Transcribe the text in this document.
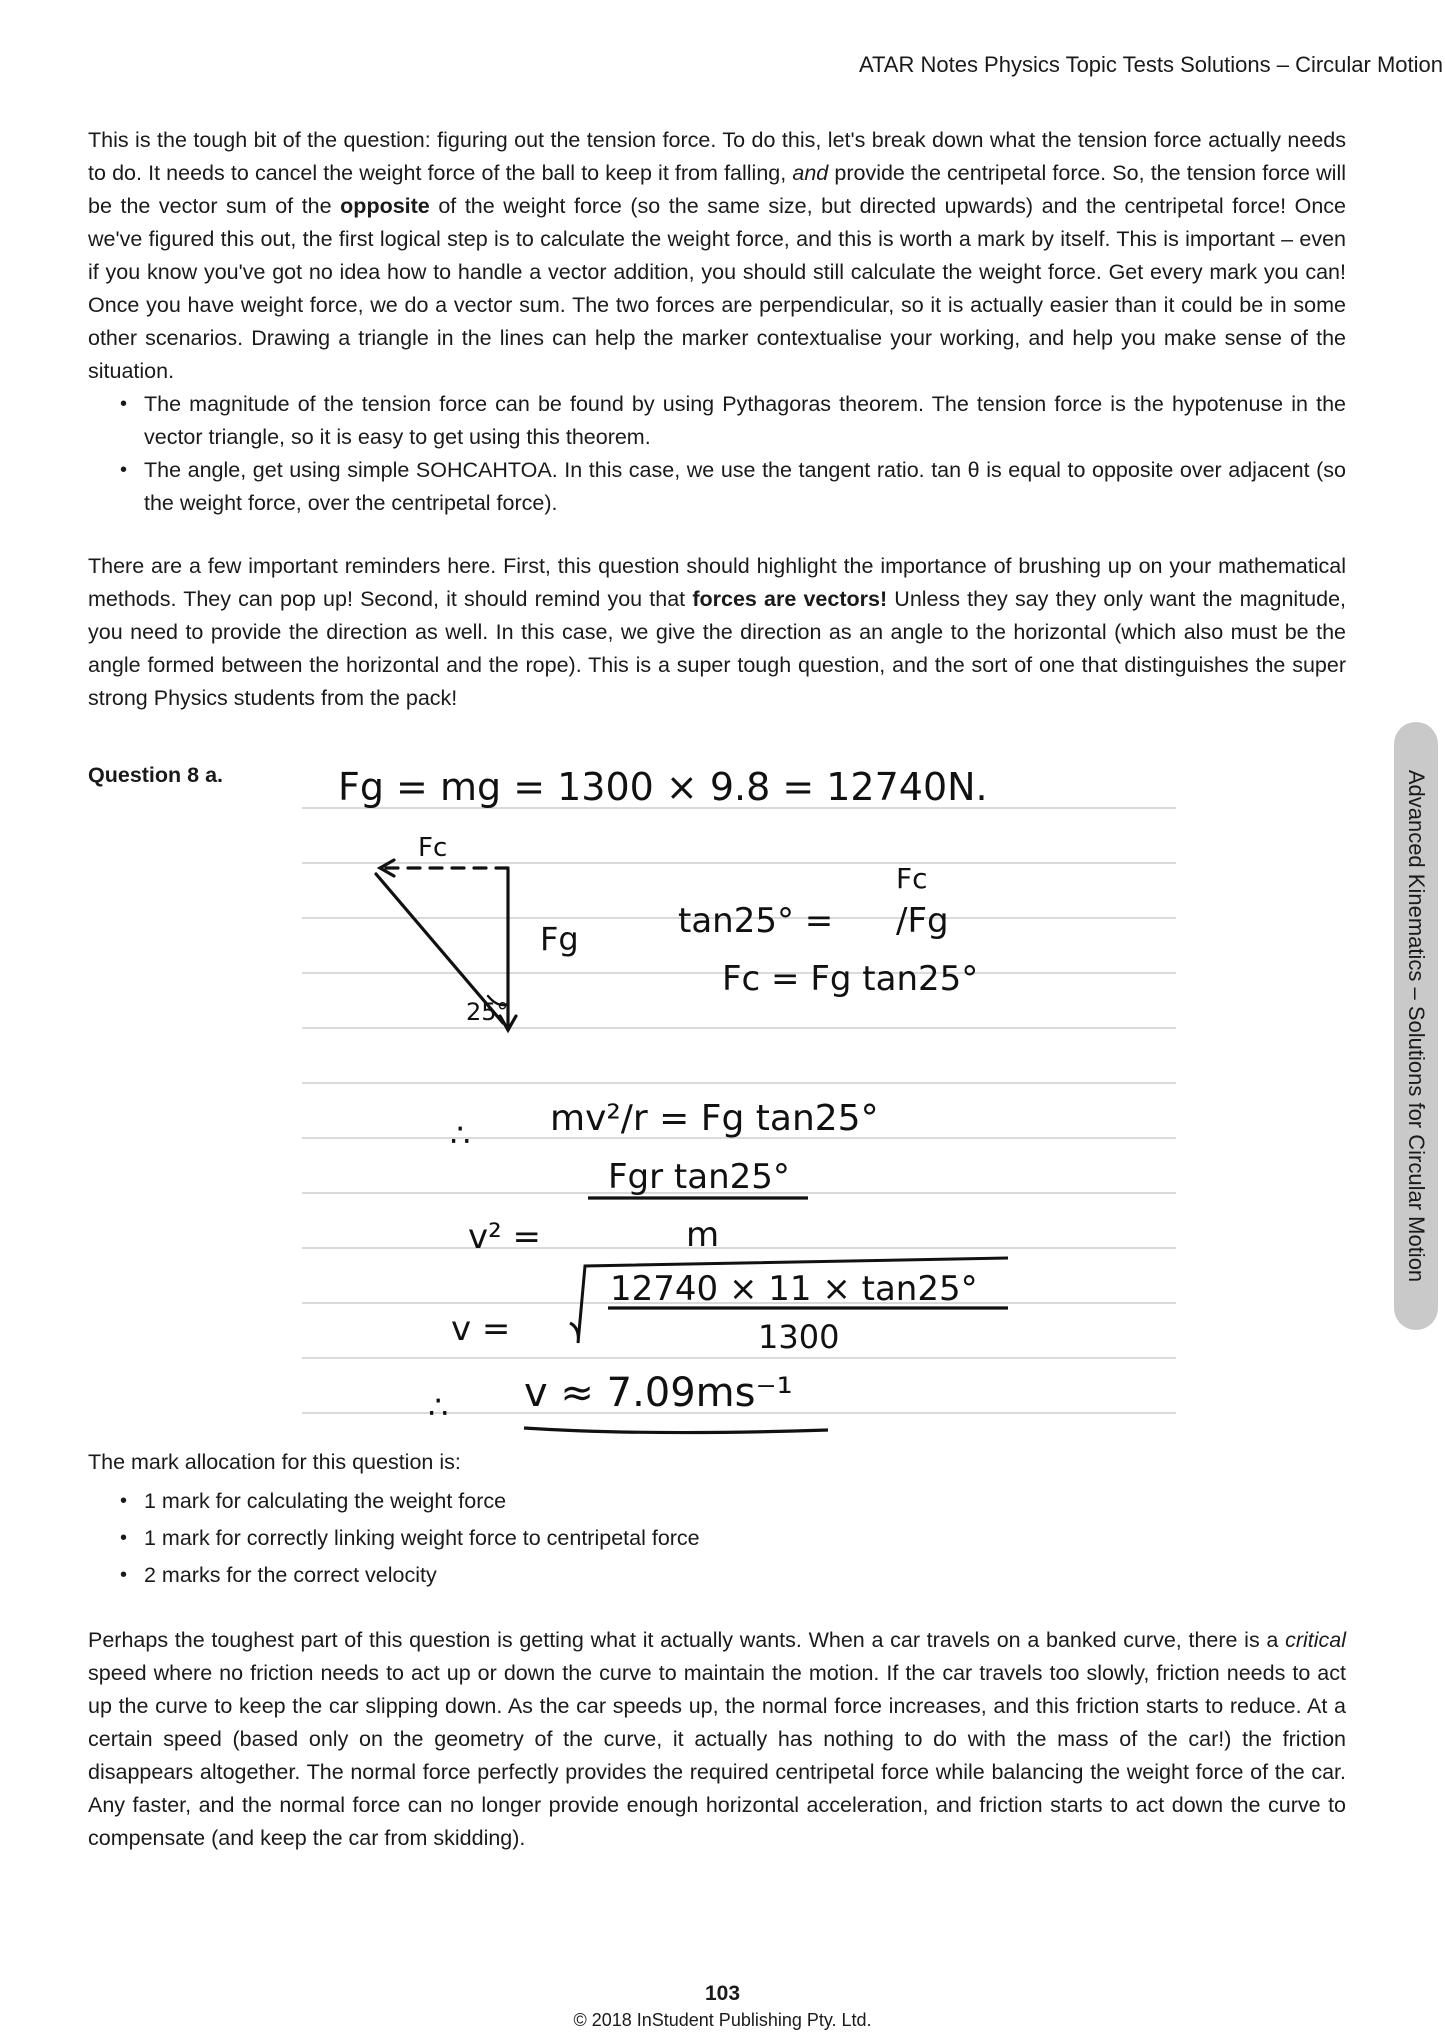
ATAR Notes Physics Topic Tests Solutions – Circular Motion
Advanced Kinematics – Solutions for Circular Motion

This is the tough bit of the question: figuring out the tension force. To do this, let's break down what the tension force actually needs to do. It needs to cancel the weight force of the ball to keep it from falling, and provide the centripetal force. So, the tension force will be the vector sum of the opposite of the weight force (so the same size, but directed upwards) and the centripetal force! Once we've figured this out, the first logical step is to calculate the weight force, and this is worth a mark by itself. This is important – even if you know you've got no idea how to handle a vector addition, you should still calculate the weight force. Get every mark you can! Once you have weight force, we do a vector sum. The two forces are perpendicular, so it is actually easier than it could be in some other scenarios. Drawing a triangle in the lines can help the marker contextualise your working, and help you make sense of the situation.

• The magnitude of the tension force can be found by using Pythagoras theorem. The tension force is the hypotenuse in the vector triangle, so it is easy to get using this theorem.
• The angle, get using simple SOHCAHTOA. In this case, we use the tangent ratio. tan θ is equal to opposite over adjacent (so the weight force, over the centripetal force).

There are a few important reminders here. First, this question should highlight the importance of brushing up on your mathematical methods. They can pop up! Second, it should remind you that forces are vectors! Unless they say they only want the magnitude, you need to provide the direction as well. In this case, we give the direction as an angle to the horizontal (which also must be the angle formed between the horizontal and the rope). This is a super tough question, and the sort of one that distinguishes the super strong Physics students from the pack!

Question 8 a.	Fg = mg = 1300 × 9.8 = 12740N.
Fc
Fg
25°
tan25° =
Fc
/Fg
Fc = Fg tan25°
∴ mv²/r = Fg tan25°
Fgr tan25°
v² =	m
v =
12740 × 11 × tan25°
1300
∴ v ≈ 7.09ms⁻¹

The mark allocation for this question is:

• 1 mark for calculating the weight force
• 1 mark for correctly linking weight force to centripetal force
• 2 marks for the correct velocity

Perhaps the toughest part of this question is getting what it actually wants. When a car travels on a banked curve, there is a critical speed where no friction needs to act up or down the curve to maintain the motion. If the car travels too slowly, friction needs to act up the curve to keep the car slipping down. As the car speeds up, the normal force increases, and this friction starts to reduce. At a certain speed (based only on the geometry of the curve, it actually has nothing to do with the mass of the car!) the friction disappears altogether. The normal force perfectly provides the required centripetal force while balancing the weight force of the car. Any faster, and the normal force can no longer provide enough horizontal acceleration, and friction starts to act down the curve to compensate (and keep the car from skidding).

103
© 2018 InStudent Publishing Pty. Ltd.
